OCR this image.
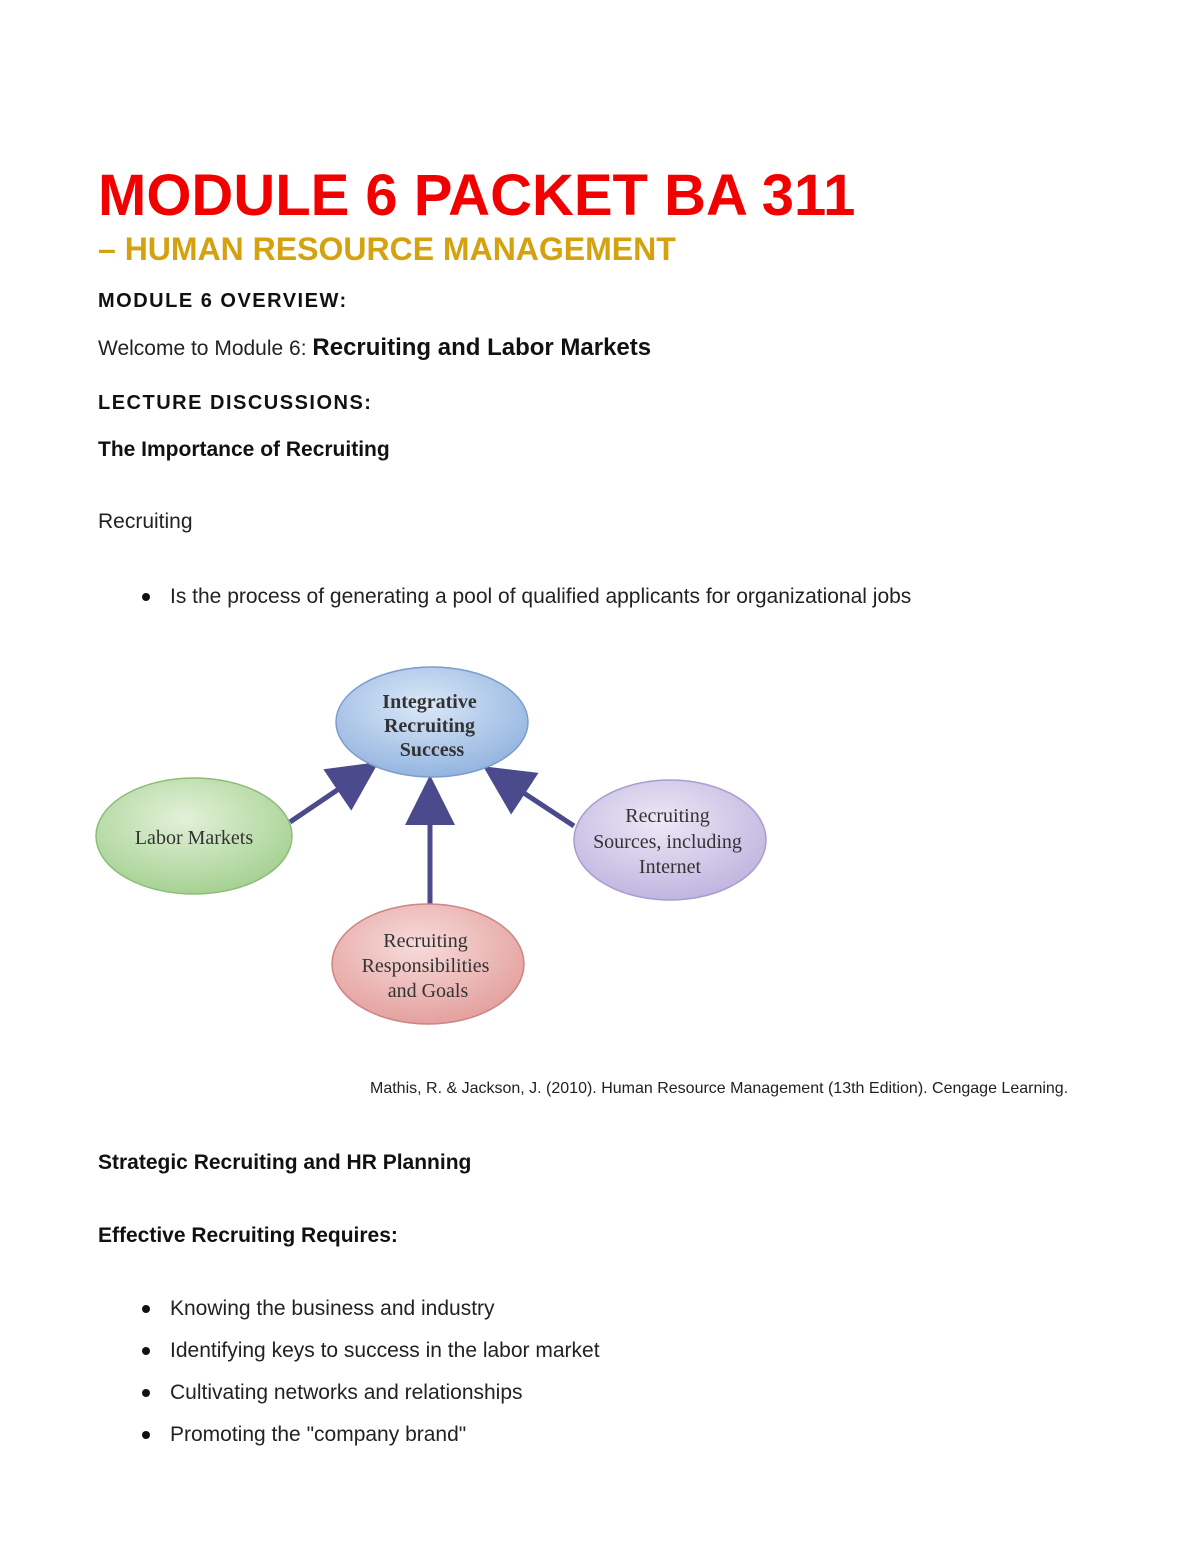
MODULE 6 PACKET BA 311
– HUMAN RESOURCE MANAGEMENT

MODULE 6 OVERVIEW:

Welcome to Module 6: Recruiting and Labor Markets

LECTURE DISCUSSIONS:

The Importance of Recruiting

Recruiting

Is the process of generating a pool of qualified applicants for organizational jobs
Integrative Recruiting Success
Labor Markets
Recruiting Sources, including Internet
Recruiting Responsibilities and Goals

Mathis, R. & Jackson, J. (2010). Human Resource Management (13th Edition). Cengage Learning.

Strategic Recruiting and HR Planning

Effective Recruiting Requires:

Knowing the business and industry
Identifying keys to success in the labor market
Cultivating networks and relationships
Promoting the "company brand"
